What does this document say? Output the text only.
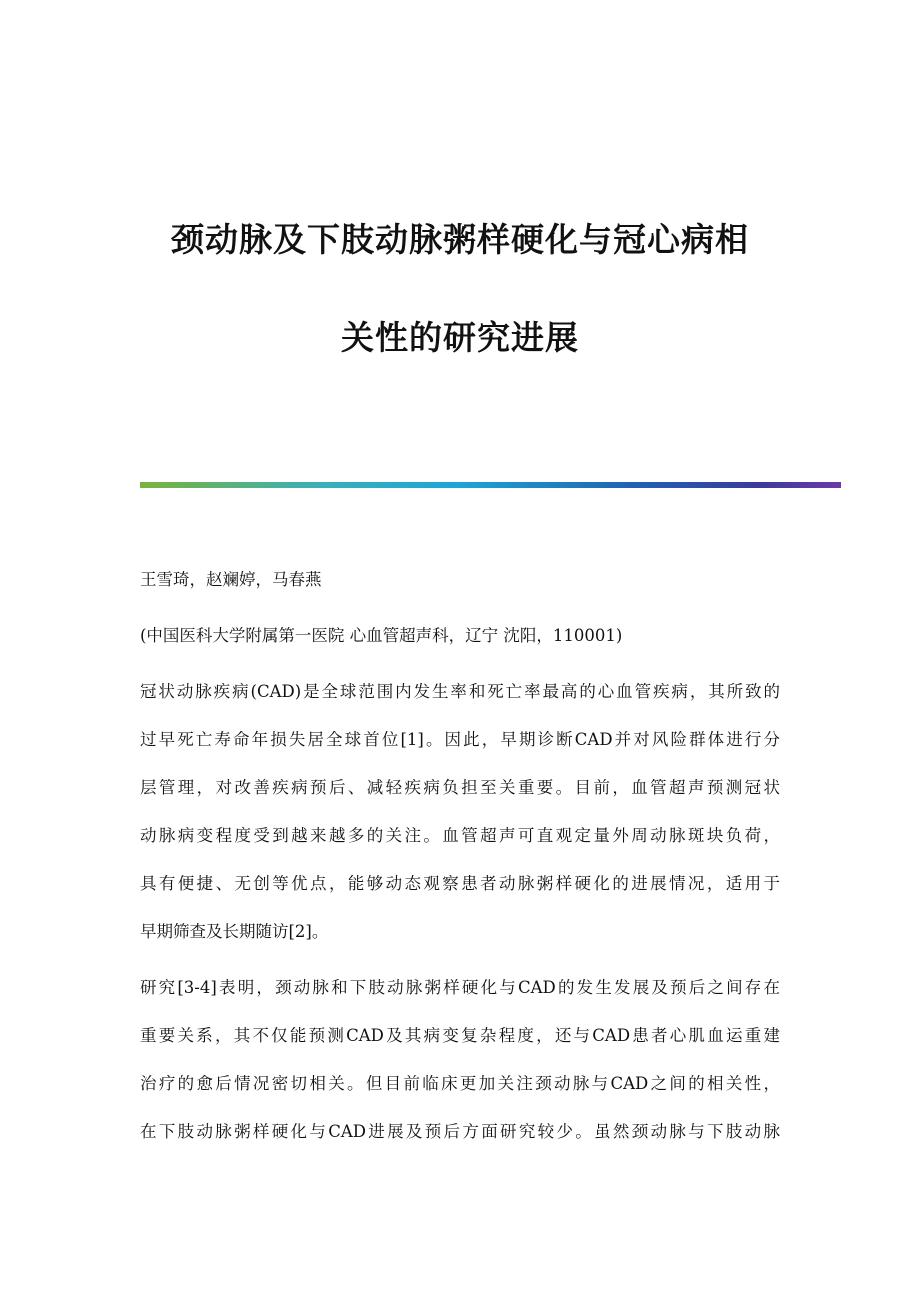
颈动脉及下肢动脉粥样硬化与冠心病相
关性的研究进展

王雪琦，赵斓婷，马春燕

(中国医科大学附属第一医院 心血管超声科，辽宁 沈阳，110001)

冠状动脉疾病(CAD)是全球范围内发生率和死亡率最高的心血管疾病，其所致的

过早死亡寿命年损失居全球首位[1]。因此，早期诊断CAD并对风险群体进行分

层管理，对改善疾病预后、减轻疾病负担至关重要。目前，血管超声预测冠状

动脉病变程度受到越来越多的关注。血管超声可直观定量外周动脉斑块负荷，

具有便捷、无创等优点，能够动态观察患者动脉粥样硬化的进展情况，适用于

早期筛查及长期随访[2]。

研究[3-4]表明，颈动脉和下肢动脉粥样硬化与CAD的发生发展及预后之间存在

重要关系，其不仅能预测CAD及其病变复杂程度，还与CAD患者心肌血运重建

治疗的愈后情况密切相关。但目前临床更加关注颈动脉与CAD之间的相关性，

在下肢动脉粥样硬化与CAD进展及预后方面研究较少。虽然颈动脉与下肢动脉
